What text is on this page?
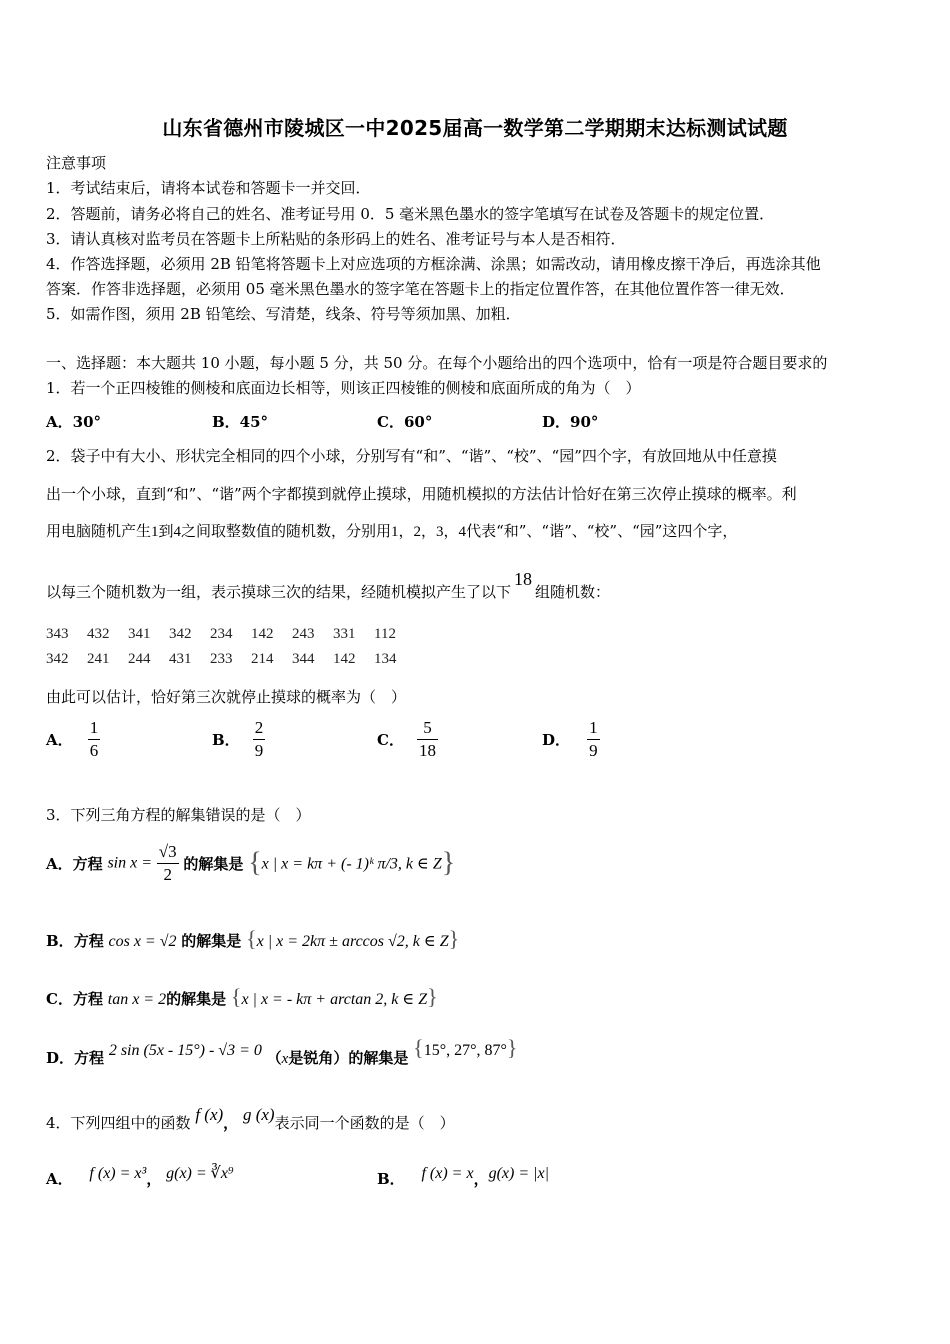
山东省德州市陵城区一中2025届高一数学第二学期期末达标测试试题
注意事项
1．考试结束后，请将本试卷和答题卡一并交回．
2．答题前，请务必将自己的姓名、准考证号用 0．5 毫米黑色墨水的签字笔填写在试卷及答题卡的规定位置．
3．请认真核对监考员在答题卡上所粘贴的条形码上的姓名、准考证号与本人是否相符．
4．作答选择题，必须用 2B 铅笔将答题卡上对应选项的方框涂满、涂黑；如需改动，请用橡皮擦干净后，再选涂其他
答案．作答非选择题，必须用 05 毫米黑色墨水的签字笔在答题卡上的指定位置作答，在其他位置作答一律无效．
5．如需作图，须用 2B 铅笔绘、写清楚，线条、符号等须加黑、加粗．
一、选择题：本大题共 10 小题，每小题 5 分，共 50 分。在每个小题给出的四个选项中，恰有一项是符合题目要求的
1．若一个正四棱锥的侧棱和底面边长相等，则该正四棱锥的侧棱和底面所成的角为（　）
A．30°	B．45°	C．60°	D．90°
2．袋子中有大小、形状完全相同的四个小球，分别写有“和”、“谐”、“校”、“园”四个字，有放回地从中任意摸
出一个小球，直到“和”、“谐”两个字都摸到就停止摸球，用随机模拟的方法估计恰好在第三次停止摸球的概率。利
用电脑随机产生1到4之间取整数值的随机数，分别用1，2，3，4代表“和”、“谐”、“校”、“园”这四个字，
以每三个随机数为一组，表示摸球三次的结果，经随机模拟产生了以下18组随机数：
343 432 341 342 234 142 243 331 112
342 241 244 431 233 214 344 142 134
由此可以估计，恰好第三次就停止摸球的概率为（　）
A． $\frac{1}{6}$	B． $\frac{2}{9}$	C． $\frac{5}{18}$	D． $\frac{1}{9}$
3．下列三角方程的解集错误的是（　）
A．方程 $\sin x = \frac{√3}{2}$ 的解集是 {x | x = kπ + (- 1)ᵏ π/3, k ∈ Z}
B．方程 cos x = √2 的解集是 {x | x = 2kπ ± arccos √2, k ∈ Z}
C．方程 tan x = 2的解集是 {x | x = - kπ + arctan 2, k ∈ Z}
D．方程 2 sin (5x - 15°) - √3 = 0 （x是锐角）的解集是 {15°, 27°, 87°}
4．下列四组中的函数 f (x)， g (x)表示同一个函数的是（　）
A． f (x) = x³， g(x) = ∛x⁹	B． f (x) = x，g(x) = |x|
